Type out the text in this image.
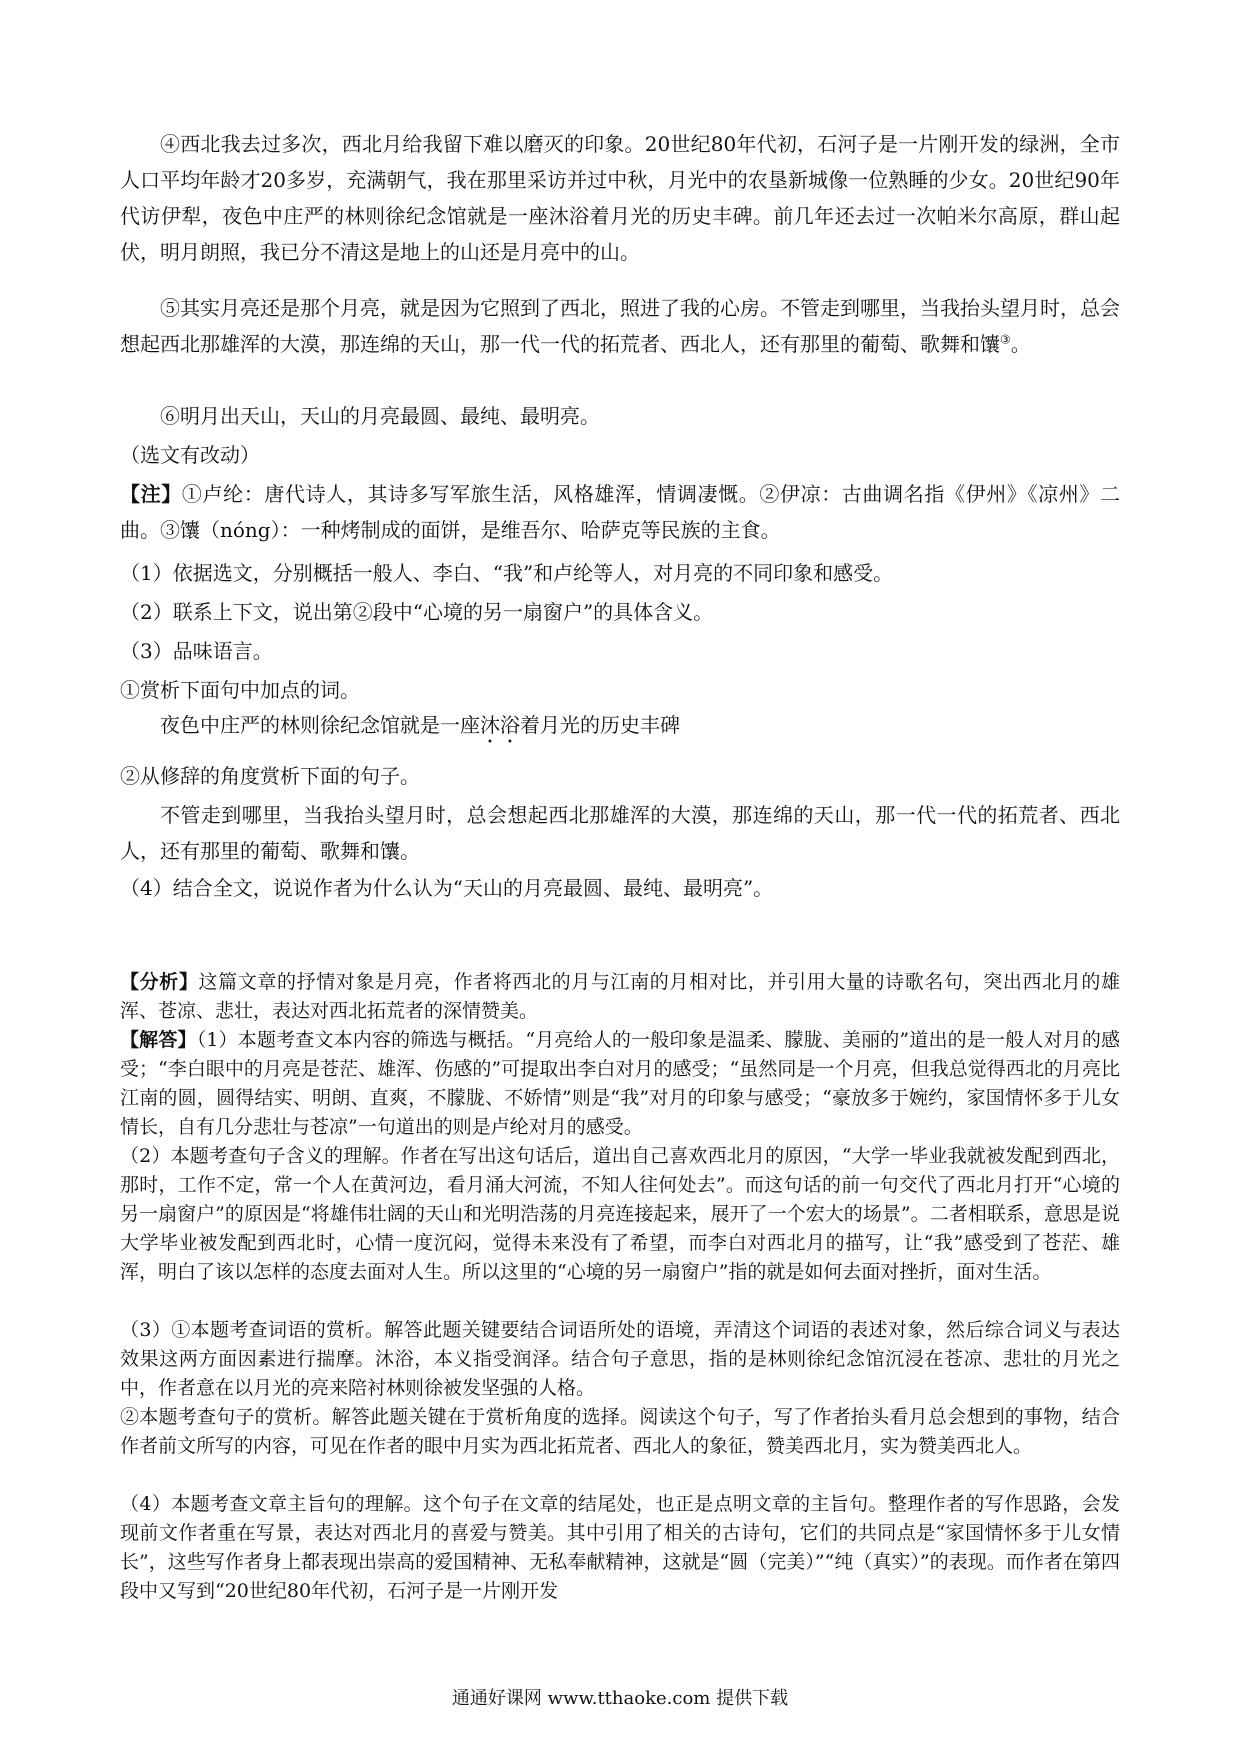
④西北我去过多次，西北月给我留下难以磨灭的印象。20世纪80年代初，石河子是一片刚开发的绿洲，全市人口平均年龄才20多岁，充满朝气，我在那里采访并过中秋，月光中的农垦新城像一位熟睡的少女。20世纪90年代访伊犁，夜色中庄严的林则徐纪念馆就是一座沐浴着月光的历史丰碑。前几年还去过一次帕米尔高原，群山起伏，明月朗照，我已分不清这是地上的山还是月亮中的山。

⑤其实月亮还是那个月亮，就是因为它照到了西北，照进了我的心房。不管走到哪里，当我抬头望月时，总会想起西北那雄浑的大漠，那连绵的天山，那一代一代的拓荒者、西北人，还有那里的葡萄、歌舞和馕③。

⑥明月出天山，天山的月亮最圆、最纯、最明亮。

（选文有改动）

【注】①卢纶：唐代诗人，其诗多写军旅生活，风格雄浑，情调凄慨。②伊凉：古曲调名指《伊州》《凉州》二曲。③馕（nóng）：一种烤制成的面饼，是维吾尔、哈萨克等民族的主食。

（1）依据选文，分别概括一般人、李白、“我”和卢纶等人，对月亮的不同印象和感受。

（2）联系上下文，说出第②段中“心境的另一扇窗户”的具体含义。

（3）品味语言。

①赏析下面句中加点的词。

夜色中庄严的林则徐纪念馆就是一座沐浴着月光的历史丰碑

②从修辞的角度赏析下面的句子。

不管走到哪里，当我抬头望月时，总会想起西北那雄浑的大漠，那连绵的天山，那一代一代的拓荒者、西北人，还有那里的葡萄、歌舞和馕。

（4）结合全文，说说作者为什么认为“天山的月亮最圆、最纯、最明亮”。

【分析】这篇文章的抒情对象是月亮，作者将西北的月与江南的月相对比，并引用大量的诗歌名句，突出西北月的雄浑、苍凉、悲壮，表达对西北拓荒者的深情赞美。

【解答】（1）本题考查文本内容的筛选与概括。“月亮给人的一般印象是温柔、朦胧、美丽的”道出的是一般人对月的感受；“李白眼中的月亮是苍茫、雄浑、伤感的”可提取出李白对月的感受；“虽然同是一个月亮，但我总觉得西北的月亮比江南的圆，圆得结实、明朗、直爽，不朦胧、不娇情”则是“我”对月的印象与感受；“豪放多于婉约，家国情怀多于儿女情长，自有几分悲壮与苍凉”一句道出的则是卢纶对月的感受。

（2）本题考查句子含义的理解。作者在写出这句话后，道出自己喜欢西北月的原因，“大学一毕业我就被发配到西北，那时，工作不定，常一个人在黄河边，看月涌大河流，不知人往何处去”。而这句话的前一句交代了西北月打开“心境的另一扇窗户”的原因是“将雄伟壮阔的天山和光明浩荡的月亮连接起来，展开了一个宏大的场景”。二者相联系，意思是说大学毕业被发配到西北时，心情一度沉闷，觉得未来没有了希望，而李白对西北月的描写，让“我”感受到了苍茫、雄浑，明白了该以怎样的态度去面对人生。所以这里的“心境的另一扇窗户”指的就是如何去面对挫折，面对生活。

（3）①本题考查词语的赏析。解答此题关键要结合词语所处的语境，弄清这个词语的表述对象，然后综合词义与表达效果这两方面因素进行揣摩。沐浴，本义指受润泽。结合句子意思，指的是林则徐纪念馆沉浸在苍凉、悲壮的月光之中，作者意在以月光的亮来陪衬林则徐被发坚强的人格。

②本题考查句子的赏析。解答此题关键在于赏析角度的选择。阅读这个句子，写了作者抬头看月总会想到的事物，结合作者前文所写的内容，可见在作者的眼中月实为西北拓荒者、西北人的象征，赞美西北月，实为赞美西北人。

（4）本题考查文章主旨句的理解。这个句子在文章的结尾处，也正是点明文章的主旨句。整理作者的写作思路，会发现前文作者重在写景，表达对西北月的喜爱与赞美。其中引用了相关的古诗句，它们的共同点是“家国情怀多于儿女情长”，这些写作者身上都表现出崇高的爱国精神、无私奉献精神，这就是“圆（完美）”“纯（真实）”的表现。而作者在第四段中又写到“20世纪80年代初，石河子是一片刚开发

通通好课网 www.tthaoke.com 提供下载
